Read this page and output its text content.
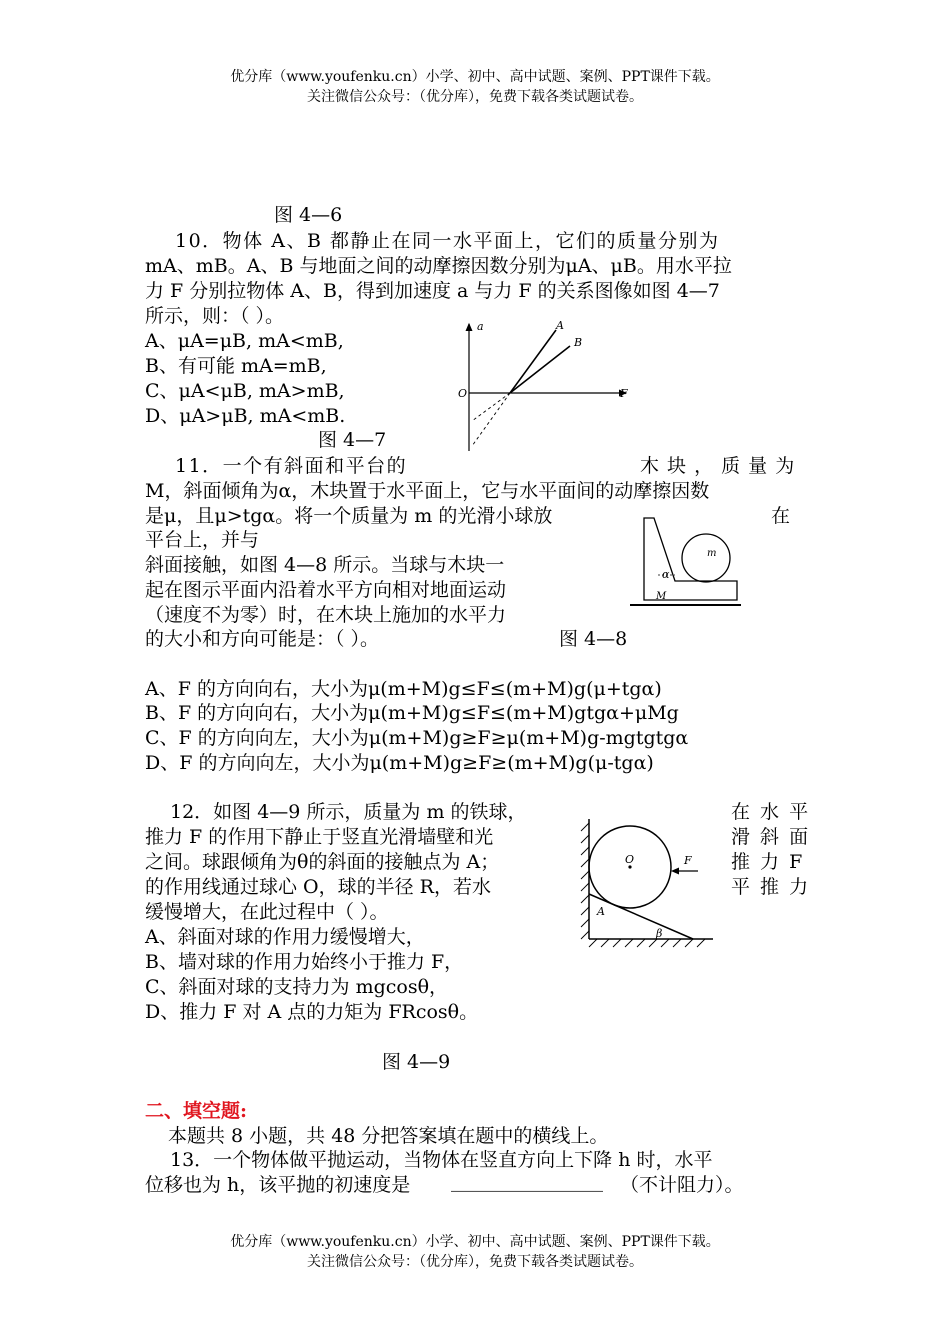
优分库（www.youfenku.cn）小学、初中、高中试题、案例、PPT课件下载。
关注微信公众号：（优分库），免费下载各类试题试卷。
图 4—6
10．物体 A、B 都静止在同一水平面上，它们的质量分别为
mA、mB。A、B 与地面之间的动摩擦因数分别为μA、μB。用水平拉
力 F 分别拉物体 A、B，得到加速度 a 与力 F 的关系图像如图 4—7
所示，则：（ ）。
A、μA=μB, mA<mB,
B、有可能 mA=mB,
C、μA<μB, mA>mB,
D、μA>μB, mA<mB.
图 4—7
a
F
O
A
B
11．一个有斜面和平台的	木 块 ， 质 量 为
M，斜面倾角为α，木块置于水平面上，它与水平面间的动摩擦因数
是μ，且μ>tgα。将一个质量为 m 的光滑小球放	在
平台上，并与
斜面接触，如图 4—8 所示。当球与木块一
起在图示平面内沿着水平方向相对地面运动
（速度不为零）时，在木块上施加的水平力
的大小和方向可能是：（ ）。	图 4—8
m
α
M
A、F 的方向向右，大小为μ(m+M)g≤F≤(m+M)g(μ+tgα)
B、F 的方向向右，大小为μ(m+M)g≤F≤(m+M)gtgα+μMg
C、F 的方向向左，大小为μ(m+M)g≥F≥μ(m+M)g-mgtgtgα
D、F 的方向向左，大小为μ(m+M)g≥F≥(m+M)g(μ-tgα)
12．如图 4—9 所示，质量为 m 的铁球，	在 水 平
推力 F 的作用下静止于竖直光滑墙壁和光	滑 斜 面
之间。球跟倾角为θ的斜面的接触点为 A；	推 力 F
的作用线通过球心 O，球的半径 R，若水	平 推 力
缓慢增大，在此过程中（ ）。
A、斜面对球的作用力缓慢增大，
B、墙对球的作用力始终小于推力 F，
C、斜面对球的支持力为 mgcosθ，
D、推力 F 对 A 点的力矩为 FRcosθ。
图 4—9
O	F
A
β
二、填空题:
本题共 8 小题，共 48 分把答案填在题中的横线上。
13．一个物体做平抛运动，当物体在竖直方向上下降 h 时，水平
位移也为 h，该平抛的初速度是 ________________ （不计阻力）。
优分库（www.youfenku.cn）小学、初中、高中试题、案例、PPT课件下载。
关注微信公众号：（优分库），免费下载各类试题试卷。
